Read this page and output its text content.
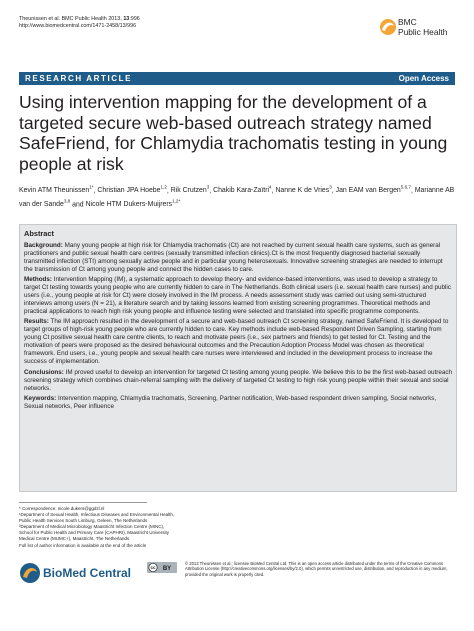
Theunissen et al. BMC Public Health 2013, 13:996
http://www.biomedcentral.com/1471-2458/13/996	BMC
Public Health
RESEARCH ARTICLE	Open Access
Using intervention mapping for the development of a targeted secure web-based outreach strategy named SafeFriend, for Chlamydia trachomatis testing in young people at risk
Kevin ATM Theunissen$^{1*}$, Christian JPA Hoebe$^{1,2}$, Rik Crutzen$^3$, Chakib Kara-Zaïtri$^4$, Nanne K de Vries$^3$, Jan EAM van Bergen$^{5,6,7}$, Marianne AB van der Sande$^{3,8}$ and Nicole HTM Dukers-Muijrers$^{1,2*}$
Abstract

Background: Many young people at high risk for Chlamydia trachomatis (Ct) are not reached by current sexual health care systems, such as general practitioners and public sexual health care centres (sexually transmitted infection clinics).Ct is the most frequently diagnosed bacterial sexually transmitted infection (STI) among sexually active people and in particular young heterosexuals. Innovative screening strategies are needed to interrupt the transmission of Ct among young people and connect the hidden cases to care.

Methods: Intervention Mapping (IM), a systematic approach to develop theory- and evidence-based interventions, was used to develop a strategy to target Ct testing towards young people who are currently hidden to care in The Netherlands. Both clinical users (i.e. sexual health care nurses) and public users (i.e., young people at risk for Ct) were closely involved in the IM process. A needs assessment study was carried out using semi-structured interviews among users (N = 21), a literature search and by taking lessons learned from existing screening programmes. Theoretical methods and practical applications to reach high risk young people and influence testing were selected and translated into specific programme components.

Results: The IM approach resulted in the development of a secure and web-based outreach Ct screening strategy, named SafeFriend. It is developed to target groups of high-risk young people who are currently hidden to care. Key methods include web-based Respondent Driven Sampling, starting from young Ct positive sexual health care centre clients, to reach and motivate peers (i.e., sex partners and friends) to get tested for Ct. Testing and the motivation of peers were proposed as the desired behavioural outcomes and the Precaution Adoption Process Model was chosen as theoretical framework. End users, i.e., young people and sexual health care nurses were interviewed and included in the development process to increase the success of implementation.

Conclusions: IM proved useful to develop an intervention for targeted Ct testing among young people. We believe this to be the first web-based outreach screening strategy which combines chain-referral sampling with the delivery of targeted Ct testing to high risk young people within their sexual and social networks.

Keywords: Intervention mapping, Chlamydia trachomatis, Screening, Partner notification, Web-based respondent driven sampling, Social networks, Sexual networks, Peer influence

* Correspondence: nicole.dukers@ggdzl.nl
¹Department of Sexual Health, Infectious Diseases and Environmental Health,
Public Health Services South Limburg, Geleen, The Netherlands
²Department of Medical Microbiology Maastricht Infection Centre (MINC),
School for Public Health and Primary Care (CAPHRI), Maastricht University
Medical Centre (MUMC+), Maastricht, The Netherlands
Full list of author information is available at the end of the article
BioMed Central	cc BY
© 2013 Theunissen et al.; licensee BioMed Central Ltd. This is an open access article distributed under the terms of the Creative Commons Attribution License (http://creativecommons.org/licenses/by/2.0), which permits unrestricted use, distribution, and reproduction in any medium, provided the original work is properly cited.
